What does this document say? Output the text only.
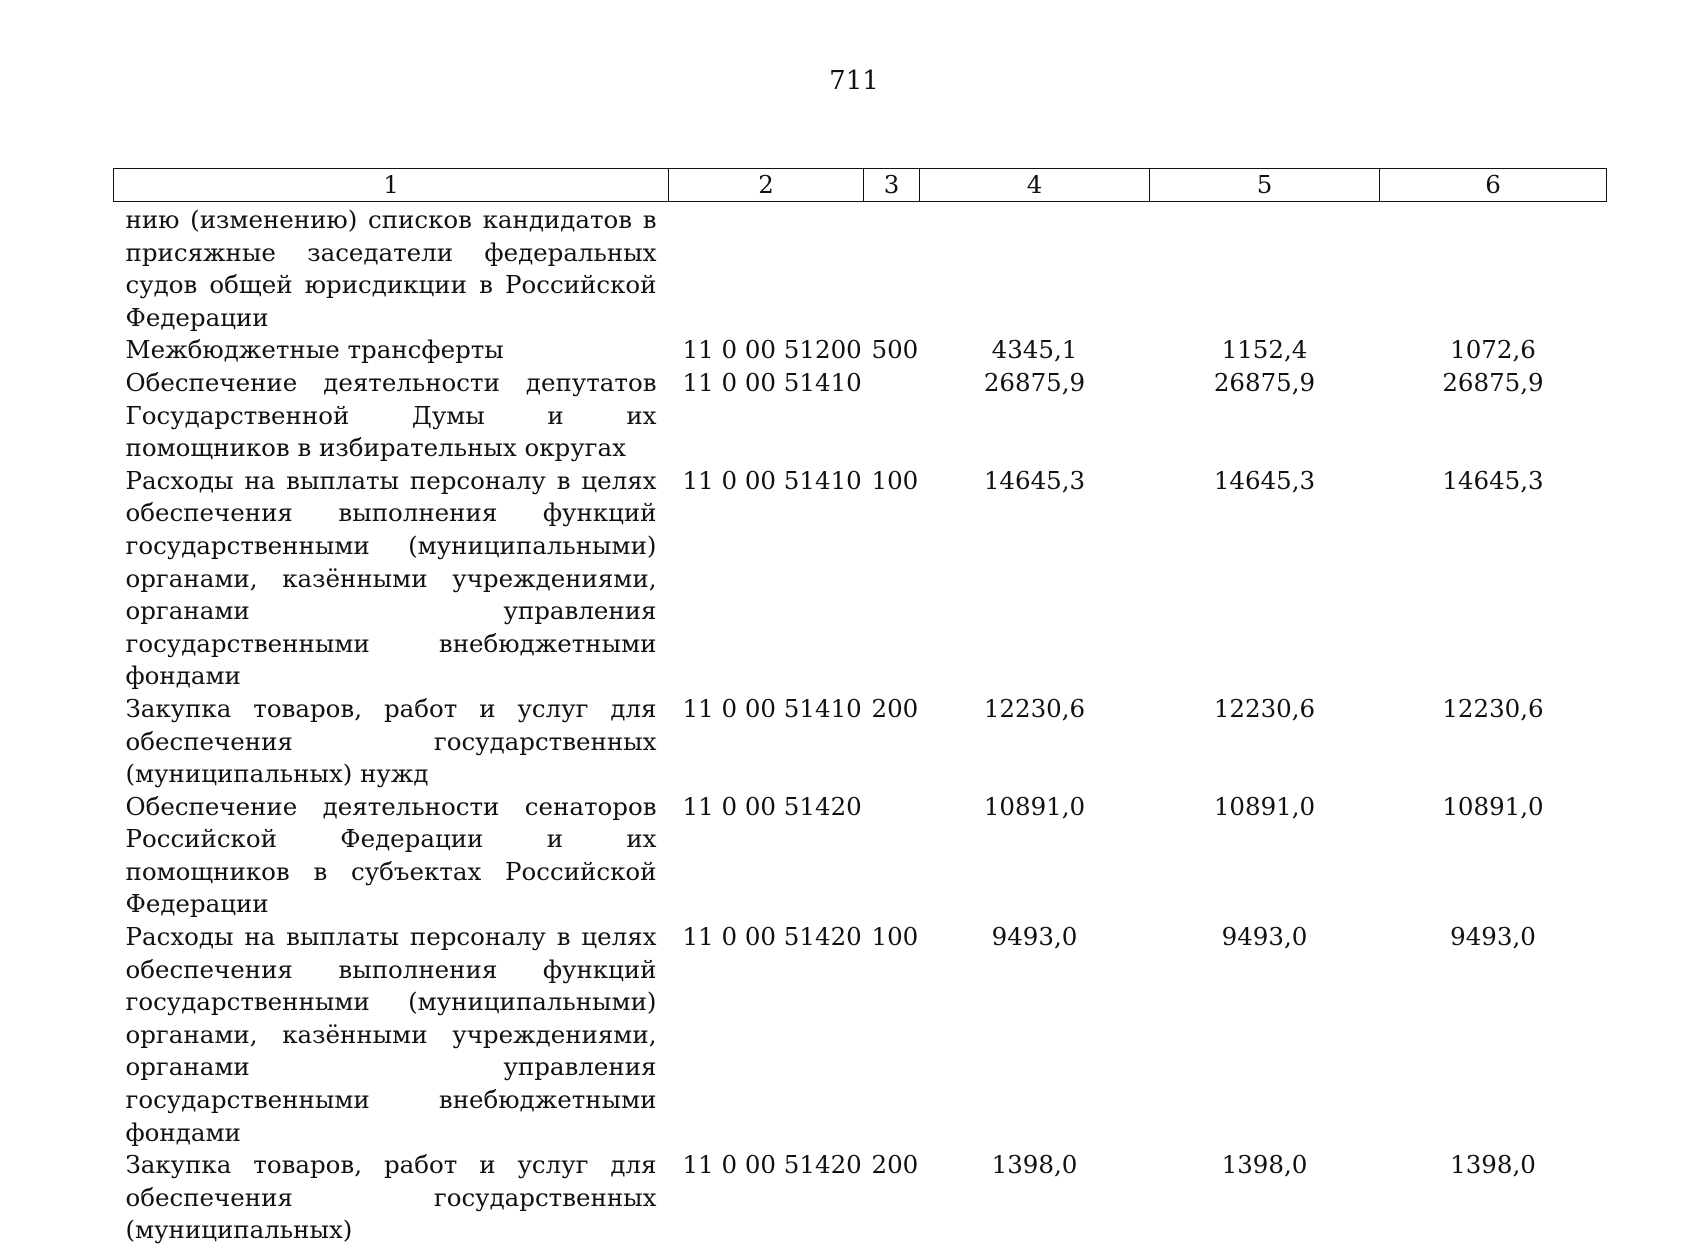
711
1	2	3	4	5	6
нию (изменению) списков кандидатов в присяжные заседатели федеральных судов общей юрисдикции в Российской Федерации					
Межбюджетные трансферты	11 0 00 51200	500	4345,1	1152,4	1072,6
Обеспечение деятельности депутатов Государственной Думы и их помощников в избирательных округах	11 0 00 51410		26875,9	26875,9	26875,9
Расходы на выплаты персоналу в целях обеспечения выполнения функций государственными (муниципальными) органами, казёнными учреждениями, органами управления государственными внебюджетными фондами	11 0 00 51410	100	14645,3	14645,3	14645,3
Закупка товаров, работ и услуг для обеспечения государственных (муниципальных) нужд	11 0 00 51410	200	12230,6	12230,6	12230,6
Обеспечение деятельности сенаторов Российской Федерации и их помощников в субъектах Российской Федерации	11 0 00 51420		10891,0	10891,0	10891,0
Расходы на выплаты персоналу в целях обеспечения выполнения функций государственными (муниципальными) органами, казёнными учреждениями, органами управления государственными внебюджетными фондами	11 0 00 51420	100	9493,0	9493,0	9493,0
Закупка товаров, работ и услуг для обеспечения государственных (муниципальных)	11 0 00 51420	200	1398,0	1398,0	1398,0
